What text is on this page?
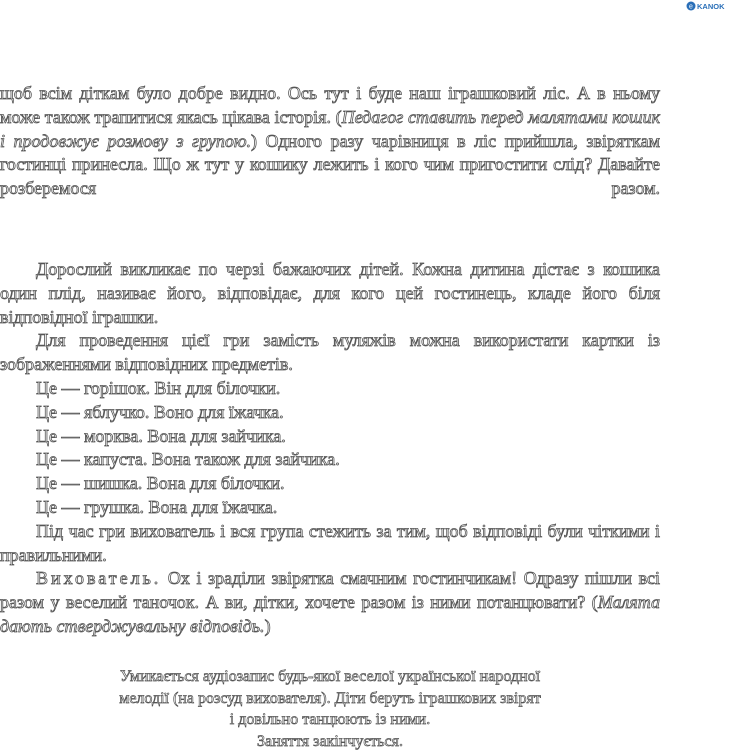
e KANOK

щоб всім діткам було добре видно. Ось тут і буде наш іграшковий ліс. А в ньому може також трапитися якась цікава історія. (Педагог ставить перед малятами кошик і продовжує розмову з групою.) Одного разу чарівниця в ліс прийшла, звіряткам гостинці принесла. Що ж тут у кошику лежить і кого чим пригостити слід? Давайте розберемося разом.

Дорослий викликає по черзі бажаючих дітей. Кожна дитина дістає з кошика один плід, називає його, відповідає, для кого цей гостинець, кладе його біля відповідної іграшки.

Для проведення цієї гри замість муляжів можна використати картки із зображеннями відповідних предметів.

Це — горішок. Він для білочки.

Це — яблучко. Воно для їжачка.

Це — морква. Вона для зайчика.

Це — капуста. Вона також для зайчика.

Це — шишка. Вона для білочки.

Це — грушка. Вона для їжачка.

Під час гри вихователь і вся група стежить за тим, щоб відповіді були чіткими і правильними.

Вихователь. Ох і зраділи звірятка смачним гостинчикам! Одразу пішли всі разом у веселий таночок. А ви, дітки, хочете разом із ними потанцювати? (Малята дають стверджувальну відповідь.)

Умикається аудіозапис будь-якої веселої української народної

мелодії (на розсуд вихователя). Діти беруть іграшкових звірят

і довільно танцюють із ними.

Заняття закінчується.
